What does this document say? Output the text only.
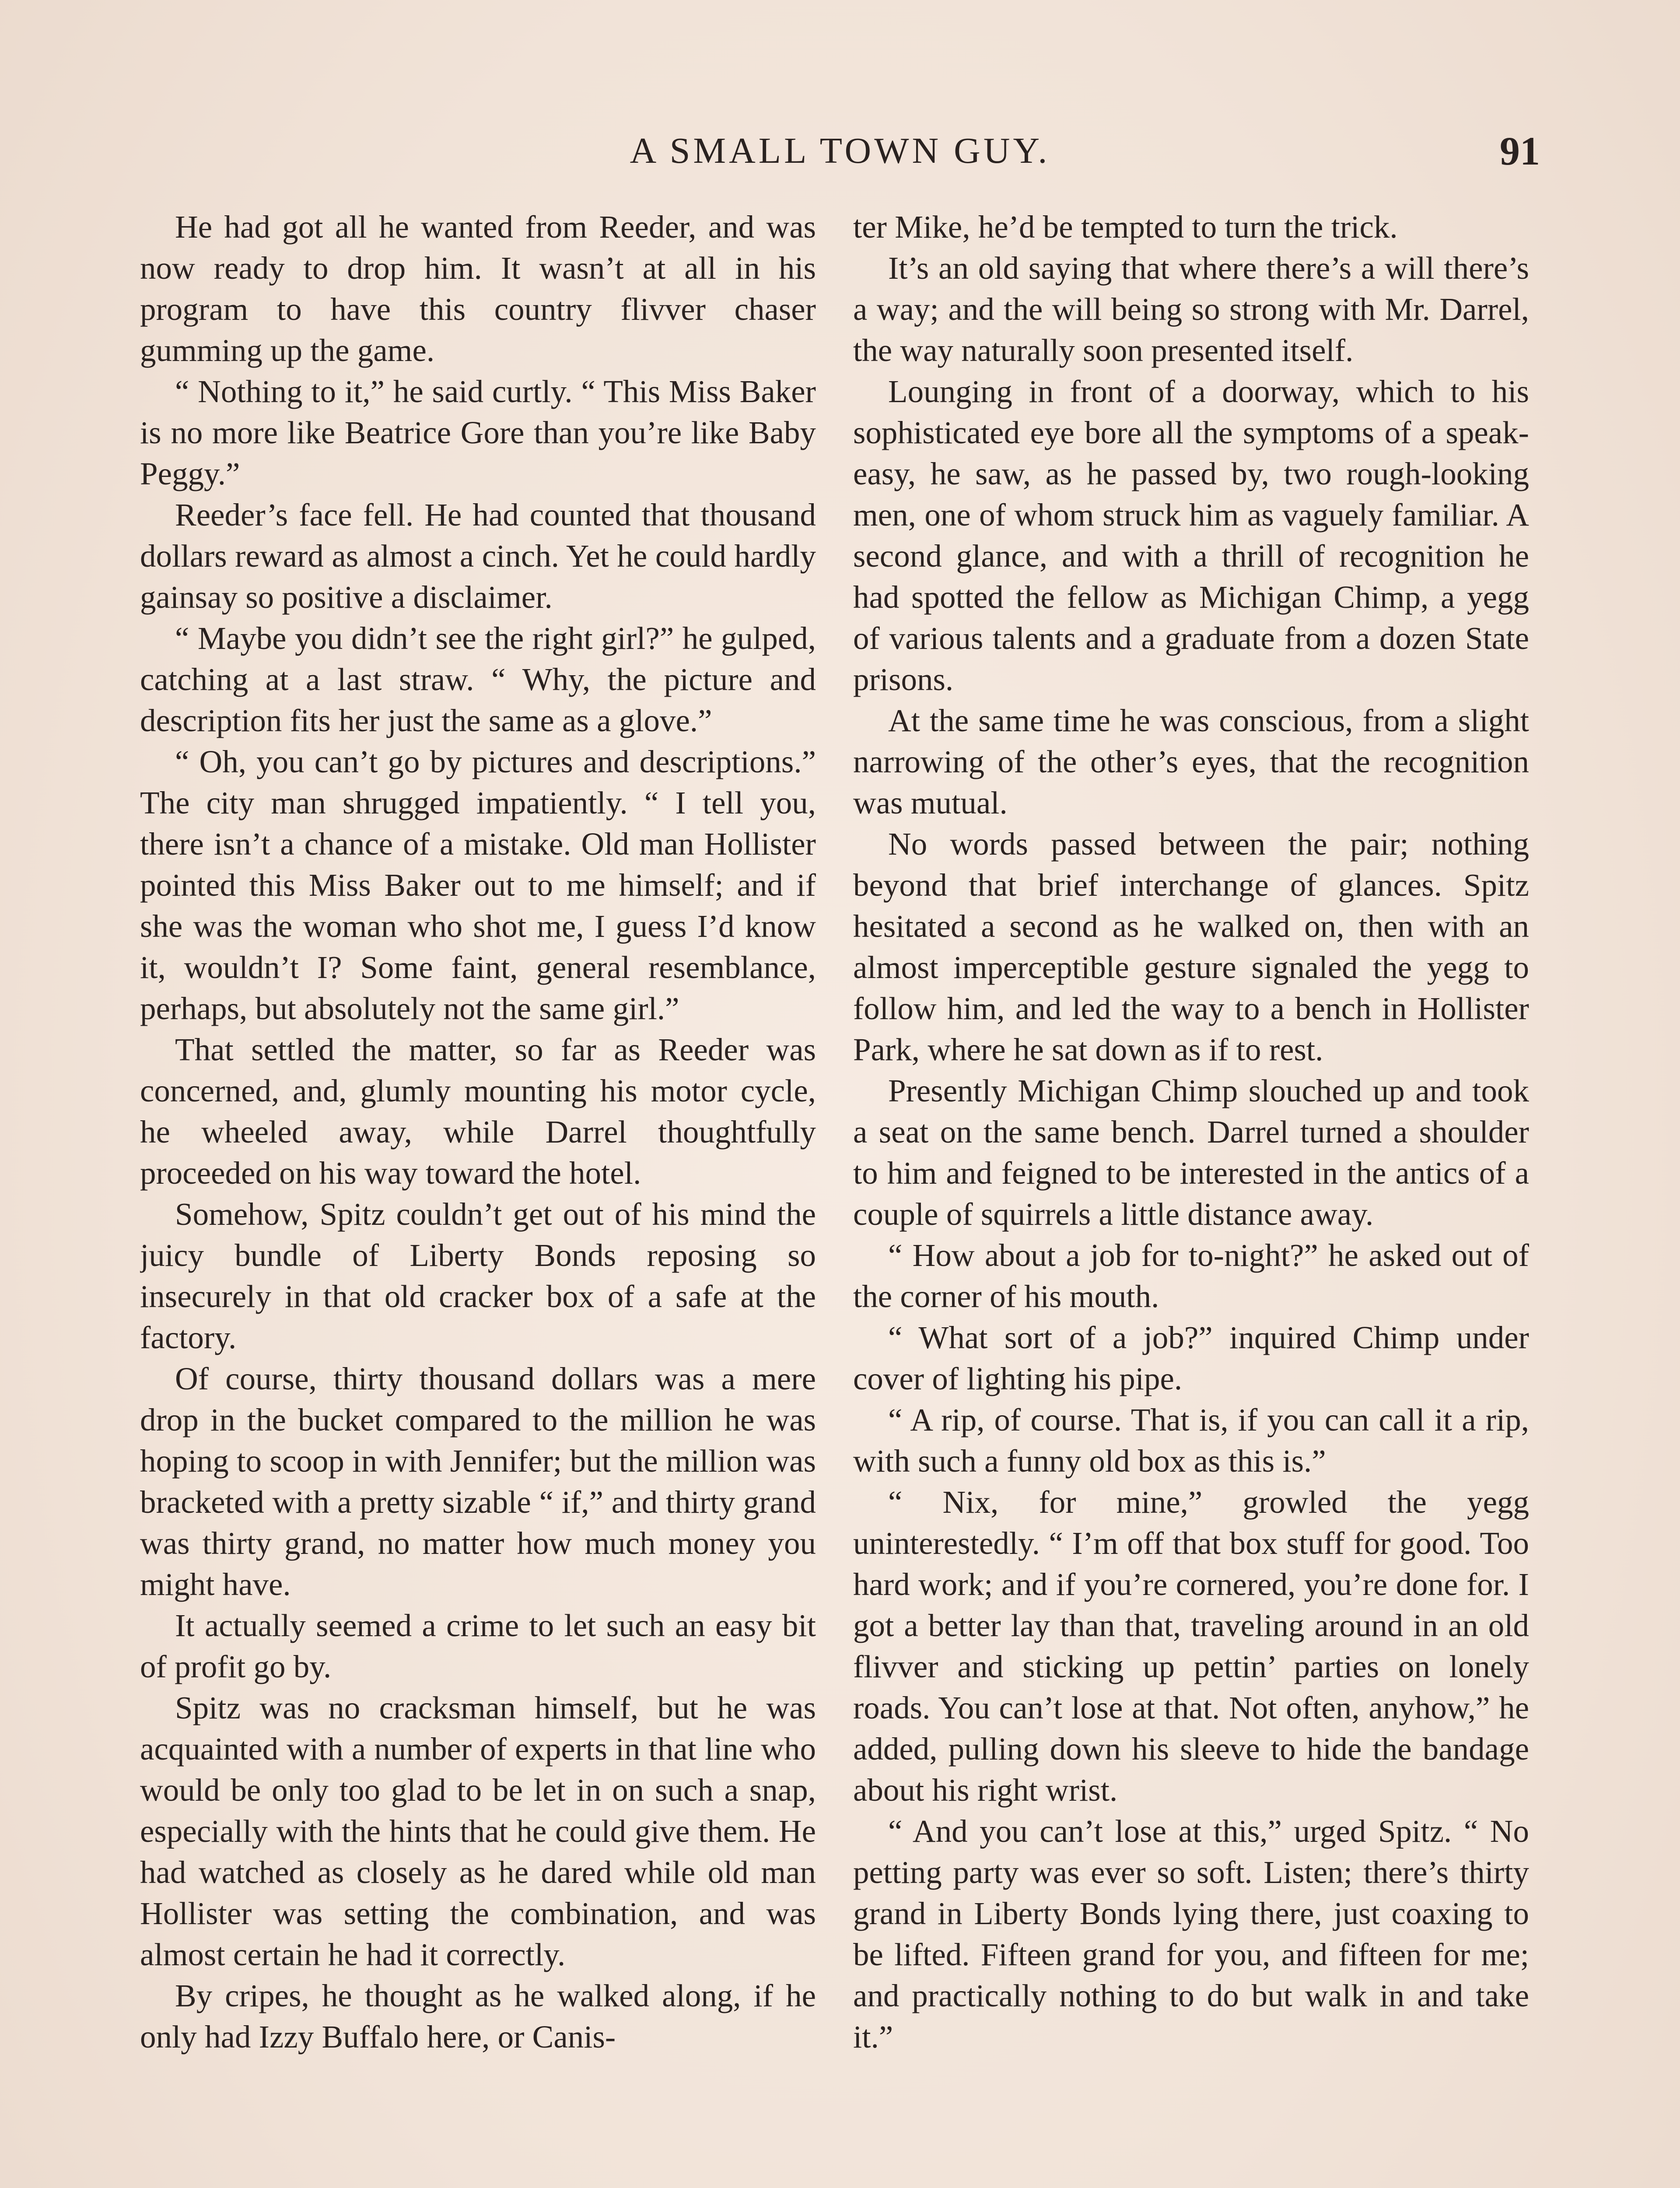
A SMALL TOWN GUY.	91

He had got all he wanted from Reeder, and was now ready to drop him. It wasn’t at all in his program to have this country flivver chaser gumming up the game.

“ Nothing to it,” he said curtly. “ This Miss Baker is no more like Beatrice Gore than you’re like Baby Peggy.”

Reeder’s face fell. He had counted that thousand dollars reward as almost a cinch. Yet he could hardly gainsay so positive a disclaimer.

“ Maybe you didn’t see the right girl?” he gulped, catching at a last straw. “ Why, the picture and description fits her just the same as a glove.”

“ Oh, you can’t go by pictures and descriptions.” The city man shrugged impatiently. “ I tell you, there isn’t a chance of a mistake. Old man Hollister pointed this Miss Baker out to me himself; and if she was the woman who shot me, I guess I’d know it, wouldn’t I? Some faint, general resemblance, perhaps, but absolutely not the same girl.”

That settled the matter, so far as Reeder was concerned, and, glumly mounting his motor cycle, he wheeled away, while Darrel thoughtfully proceeded on his way toward the hotel.

Somehow, Spitz couldn’t get out of his mind the juicy bundle of Liberty Bonds reposing so insecurely in that old cracker box of a safe at the factory.

Of course, thirty thousand dollars was a mere drop in the bucket compared to the million he was hoping to scoop in with Jennifer; but the million was bracketed with a pretty sizable “ if,” and thirty grand was thirty grand, no matter how much money you might have.

It actually seemed a crime to let such an easy bit of profit go by.

Spitz was no cracksman himself, but he was acquainted with a number of experts in that line who would be only too glad to be let in on such a snap, especially with the hints that he could give them. He had watched as closely as he dared while old man Hollister was setting the combination, and was almost certain he had it correctly.

By cripes, he thought as he walked along, if he only had Izzy Buffalo here, or Canis-

ter Mike, he’d be tempted to turn the trick.

It’s an old saying that where there’s a will there’s a way; and the will being so strong with Mr. Darrel, the way naturally soon presented itself.

Lounging in front of a doorway, which to his sophisticated eye bore all the symptoms of a speak-easy, he saw, as he passed by, two rough-looking men, one of whom struck him as vaguely familiar. A second glance, and with a thrill of recognition he had spotted the fellow as Michigan Chimp, a yegg of various talents and a graduate from a dozen State prisons.

At the same time he was conscious, from a slight narrowing of the other’s eyes, that the recognition was mutual.

No words passed between the pair; nothing beyond that brief interchange of glances. Spitz hesitated a second as he walked on, then with an almost imperceptible gesture signaled the yegg to follow him, and led the way to a bench in Hollister Park, where he sat down as if to rest.

Presently Michigan Chimp slouched up and took a seat on the same bench. Darrel turned a shoulder to him and feigned to be interested in the antics of a couple of squirrels a little distance away.

“ How about a job for to-night?” he asked out of the corner of his mouth.

“ What sort of a job?” inquired Chimp under cover of lighting his pipe.

“ A rip, of course. That is, if you can call it a rip, with such a funny old box as this is.”

“ Nix, for mine,” growled the yegg uninterestedly. “ I’m off that box stuff for good. Too hard work; and if you’re cornered, you’re done for. I got a better lay than that, traveling around in an old flivver and sticking up pettin’ parties on lonely roads. You can’t lose at that. Not often, anyhow,” he added, pulling down his sleeve to hide the bandage about his right wrist.

“ And you can’t lose at this,” urged Spitz. “ No petting party was ever so soft. Listen; there’s thirty grand in Liberty Bonds lying there, just coaxing to be lifted. Fifteen grand for you, and fifteen for me; and practically nothing to do but walk in and take it.”
